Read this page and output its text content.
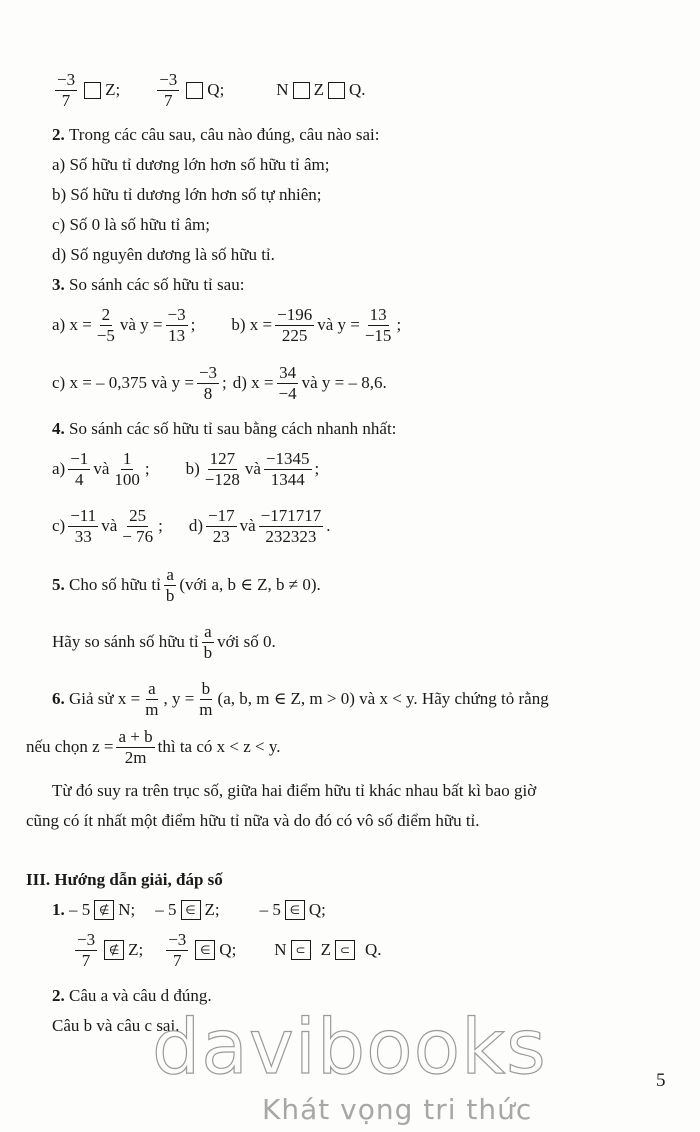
$\frac{-3}{7} Z$; $\frac{-3}{7} Q$;	N Z Q.
2.
Trong các câu sau, câu nào đúng, câu nào sai:
a) Số hữu tỉ dương lớn hơn số hữu tỉ âm;
b) Số hữu tỉ dương lớn hơn số tự nhiên;
c) Số 0 là số hữu tỉ âm;
d) Số nguyên dương là số hữu tỉ.
3.
So sánh các số hữu tỉ sau:
a) $x = \frac{2}{-5}$ và $y = \frac{-3}{13}$ ; b) $x = \frac{-196}{225}$ và $y = \frac{13}{-15}$ ;
c) x = – 0,375 và $y = \frac{-3}{8}$ ; d) $x = \frac{34}{-4}$ và y = – 8,6.
4.
So sánh các số hữu tỉ sau bằng cách nhanh nhất:
$a) \frac{-1}{4}$ và $\frac{1}{100}$ ; $b) \frac{127}{-128}$ và $\frac{-1345}{1344}$ ;
$c) \frac{-11}{33}$ và $\frac{25}{- 76}$ ; $d) \frac{-17}{23}$ và $\frac{-171717}{232323}$ .
5.
Cho số hữu tỉ $\frac{a}{b}$ (với a, b ∈ Z, b ≠ 0).
Hãy so sánh số hữu tỉ $\frac{a}{b}$ với số 0.
6.
Giả sử $x = \frac{a}{m}$ , $y = \frac{b}{m} (a$, b, m ∈ Z, m > 0) và x < y. Hãy chứng tỏ rằng
nếu chọn $z = \frac{a + b}{2m}$ thì ta có x < z < y.
Từ đó suy ra trên trục số, giữa hai điểm hữu tỉ khác nhau bất kì bao giờ
cũng có ít nhất một điểm hữu tỉ nữa và do đó có vô số điểm hữu tỉ.
III. Hướng dẫn giải, đáp số
1.
– 5 ∉ N; – 5 ∈ Z; – 5 ∈ Q;
$\frac{-3}{7}$ ∉ Z; $\frac{-3}{7}$ ∈ Q; N ⊂ Z ⊂ Q.
2.
Câu a và câu d đúng.
Câu b và câu c sai.
davibooks
Khát vọng tri thức
5
